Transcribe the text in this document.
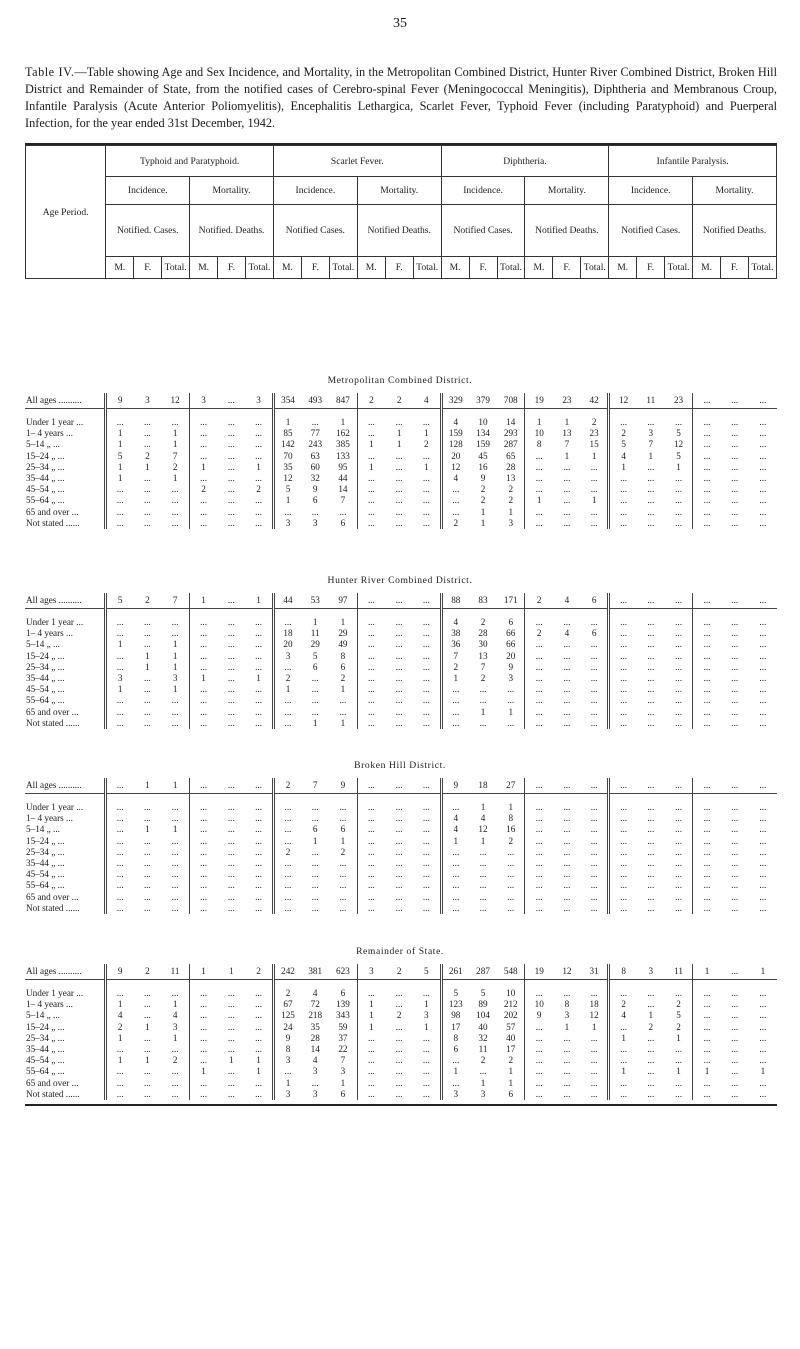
35
Table IV.—Table showing Age and Sex Incidence, and Mortality, in the Metropolitan Combined District, Hunter River Combined District, Broken Hill District and Remainder of State, from the notified cases of Cerebro-spinal Fever (Meningococcal Meningitis), Diphtheria and Membranous Croup, Infantile Paralysis (Acute Anterior Poliomyelitis), Encephalitis Lethargica, Scarlet Fever, Typhoid Fever (including Paratyphoid) and Puerperal Infection, for the year ended 31st December, 1942.
Age Period.	Typhoid and Paratyphoid.						Scarlet Fever.						Diphtheria.						Infantile Paralysis.					
	Incidence.			Mortality.			Incidence.			Mortality.			Incidence.			Mortality.			Incidence.			Mortality.		
	Notified. Cases.			Notified. Deaths.			Notified Cases.			Notified Deaths.			Notified Cases.			Notified Deaths.			Notified Cases.			Notified Deaths.		
	M.	F.	Total.	M.	F.	Total.	M.	F.	Total.	M.	F.	Total.	M.	F.	Total.	M.	F.	Total.	M.	F.	Total.	M.	F.	Total.
Metropolitan Combined District.
All ages ..........	9	3	12	3	...	3	354	493	847	2	2	4	329	379	708	19	23	42	12	11	23	...	...	...

Under 1 year ...	...	...	...	...	...	...	1	...	1	...	...	...	4	10	14	1	1	2	...	...	...	...	...	...
1– 4 years ...	1	...	1	...	...	...	85	77	162	...	1	1	159	134	293	10	13	23	2	3	5	...	...	...
5–14 „ ...	1	...	1	...	...	...	142	243	385	1	1	2	128	159	287	8	7	15	5	7	12	...	...	...
15–24 „ ...	5	2	7	...	...	...	70	63	133	...	...	...	20	45	65	...	1	1	4	1	5	...	...	...
25–34 „ ...	1	1	2	1	...	1	35	60	95	1	...	1	12	16	28	...	...	...	1	...	1	...	...	...
35–44 „ ...	1	...	1	...	...	...	12	32	44	...	...	...	4	9	13	...	...	...	...	...	...	...	...	...
45–54 „ ...	...	...	...	2	...	2	5	9	14	...	...	...	...	2	2	...	...	...	...	...	...	...	...	...
55–64 „ ...	...	...	...	...	...	...	1	6	7	...	...	...	...	2	2	1	...	1	...	...	...	...	...	...
65 and over ...	...	...	...	...	...	...	...	...	...	...	...	...	...	1	1	...	...	...	...	...	...	...	...	...
Not stated ......	...	...	...	...	...	...	3	3	6	...	...	...	2	1	3	...	...	...	...	...	...	...	...	...
Hunter River Combined District.
All ages ..........	5	2	7	1	...	1	44	53	97	...	...	...	88	83	171	2	4	6	...	...	...	...	...	...

Under 1 year ...	...	...	...	...	...	...	...	1	1	...	...	...	4	2	6	...	...	...	...	...	...	...	...	...
1– 4 years ...	...	...	...	...	...	...	18	11	29	...	...	...	38	28	66	2	4	6	...	...	...	...	...	...
5–14 „ ...	1	...	1	...	...	...	20	29	49	...	...	...	36	30	66	...	...	...	...	...	...	...	...	...
15–24 „ ...	...	1	1	...	...	...	3	5	8	...	...	...	7	13	20	...	...	...	...	...	...	...	...	...
25–34 „ ...	...	1	1	...	...	...	...	6	6	...	...	...	2	7	9	...	...	...	...	...	...	...	...	...
35–44 „ ...	3	...	3	1	...	1	2	...	2	...	...	...	1	2	3	...	...	...	...	...	...	...	...	...
45–54 „ ...	1	...	1	...	...	...	1	...	1	...	...	...	...	...	...	...	...	...	...	...	...	...	...	...
55–64 „ ...	...	...	...	...	...	...	...	...	...	...	...	...	...	...	...	...	...	...	...	...	...	...	...	...
65 and over ...	...	...	...	...	...	...	...	...	...	...	...	...	...	1	1	...	...	...	...	...	...	...	...	...
Not stated ......	...	...	...	...	...	...	...	1	1	...	...	...	...	...	...	...	...	...	...	...	...	...	...	...
Broken Hill District.
All ages ..........	...	1	1	...	...	...	2	7	9	...	...	...	9	18	27	...	...	...	...	...	...	...	...	...

Under 1 year ...	...	...	...	...	...	...	...	...	...	...	...	...	...	1	1	...	...	...	...	...	...	...	...	...
1– 4 years ...	...	...	...	...	...	...	...	...	...	...	...	...	4	4	8	...	...	...	...	...	...	...	...	...
5–14 „ ...	...	1	1	...	...	...	...	6	6	...	...	...	4	12	16	...	...	...	...	...	...	...	...	...
15–24 „ ...	...	...	...	...	...	...	...	1	1	...	...	...	1	1	2	...	...	...	...	...	...	...	...	...
25–34 „ ...	...	...	...	...	...	...	2	...	2	...	...	...	...	...	...	...	...	...	...	...	...	...	...	...
35–44 „ ...	...	...	...	...	...	...	...	...	...	...	...	...	...	...	...	...	...	...	...	...	...	...	...	...
45–54 „ ...	...	...	...	...	...	...	...	...	...	...	...	...	...	...	...	...	...	...	...	...	...	...	...	...
55–64 „ ...	...	...	...	...	...	...	...	...	...	...	...	...	...	...	...	...	...	...	...	...	...	...	...	...
65 and over ...	...	...	...	...	...	...	...	...	...	...	...	...	...	...	...	...	...	...	...	...	...	...	...	...
Not stated ......	...	...	...	...	...	...	...	...	...	...	...	...	...	...	...	...	...	...	...	...	...	...	...	...
Remainder of State.
All ages ..........	9	2	11	1	1	2	242	381	623	3	2	5	261	287	548	19	12	31	8	3	11	1	...	1

Under 1 year ...	...	...	...	...	...	...	2	4	6	...	...	...	5	5	10	...	...	...	...	...	...	...	...	...
1– 4 years ...	1	...	1	...	...	...	67	72	139	1	...	1	123	89	212	10	8	18	2	...	2	...	...	...
5–14 „ ...	4	...	4	...	...	...	125	218	343	1	2	3	98	104	202	9	3	12	4	1	5	...	...	...
15–24 „ ...	2	1	3	...	...	...	24	35	59	1	...	1	17	40	57	...	1	1	...	2	2	...	...	...
25–34 „ ...	1	...	1	...	...	...	9	28	37	...	...	...	8	32	40	...	...	...	1	...	1	...	...	...
35–44 „ ...	...	...	...	...	...	...	8	14	22	...	...	...	6	11	17	...	...	...	...	...	...	...	...	...
45–54 „ ...	1	1	2	...	1	1	3	4	7	...	...	...	...	2	2	...	...	...	...	...	...	...	...	...
55–64 „ ...	...	...	...	1	...	1	...	3	3	...	...	...	1	...	1	...	...	...	1	...	1	1	...	1
65 and over ...	...	...	...	...	...	...	1	...	1	...	...	...	...	1	1	...	...	...	...	...	...	...	...	...
Not stated ......	...	...	...	...	...	...	3	3	6	...	...	...	3	3	6	...	...	...	...	...	...	...	...	...
